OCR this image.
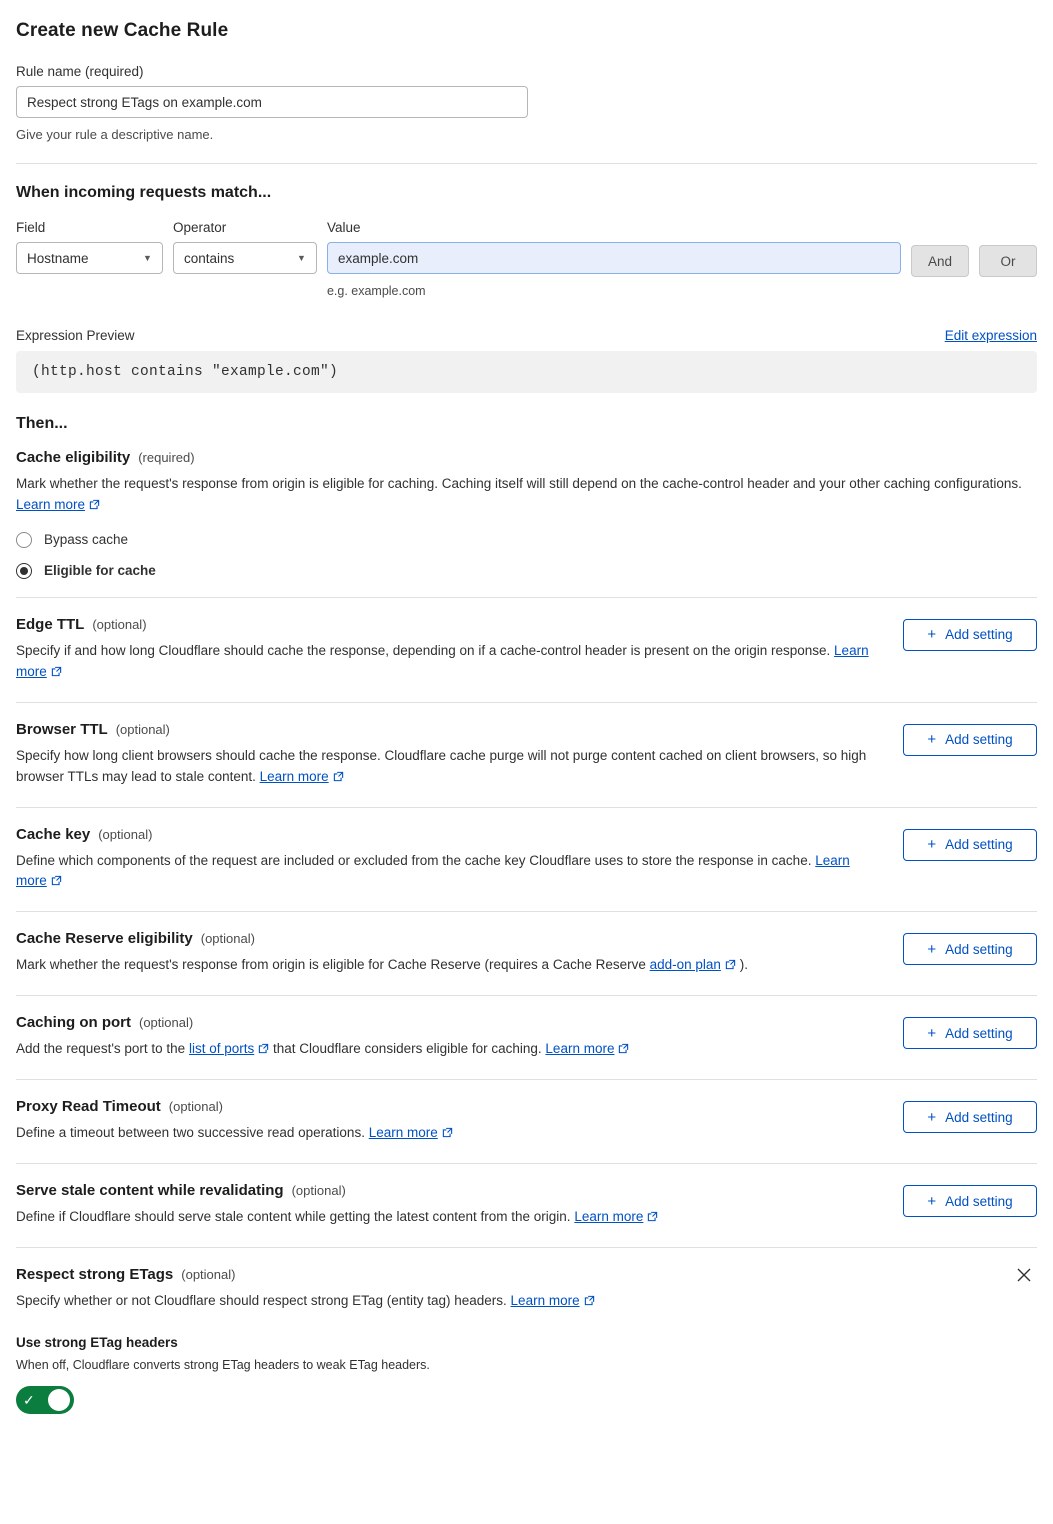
Create new Cache Rule
Rule name (required)
Respect strong ETags on example.com
Give your rule a descriptive name.
When incoming requests match...
Field
Hostname	▼
Operator
contains	▼
Value
example.com
e.g. example.com
And	Or
Expression Preview	Edit expression
(http.host contains "example.com")
Then...
Cache eligibility (required)
Mark whether the request's response from origin is eligible for caching. Caching itself will still depend on the cache-control header and your other caching configurations. Learn more
Bypass cache
Eligible for cache
Edge TTL (optional)
Specify if and how long Cloudflare should cache the response, depending on if a cache-control header is present on the origin response. Learn more
+ Add setting
Browser TTL (optional)
Specify how long client browsers should cache the response. Cloudflare cache purge will not purge content cached on client browsers, so high browser TTLs may lead to stale content. Learn more
+ Add setting
Cache key (optional)
Define which components of the request are included or excluded from the cache key Cloudflare uses to store the response in cache. Learn more
+ Add setting
Cache Reserve eligibility (optional)
Mark whether the request's response from origin is eligible for Cache Reserve (requires a Cache Reserve add-on plan ).
+ Add setting
Caching on port (optional)
Add the request's port to the list of ports that Cloudflare considers eligible for caching. Learn more
+ Add setting
Proxy Read Timeout (optional)
Define a timeout between two successive read operations. Learn more
+ Add setting
Serve stale content while revalidating (optional)
Define if Cloudflare should serve stale content while getting the latest content from the origin. Learn more
+ Add setting
Respect strong ETags (optional)
Specify whether or not Cloudflare should respect strong ETag (entity tag) headers. Learn more
Use strong ETag headers
When off, Cloudflare converts strong ETag headers to weak ETag headers.
✓
